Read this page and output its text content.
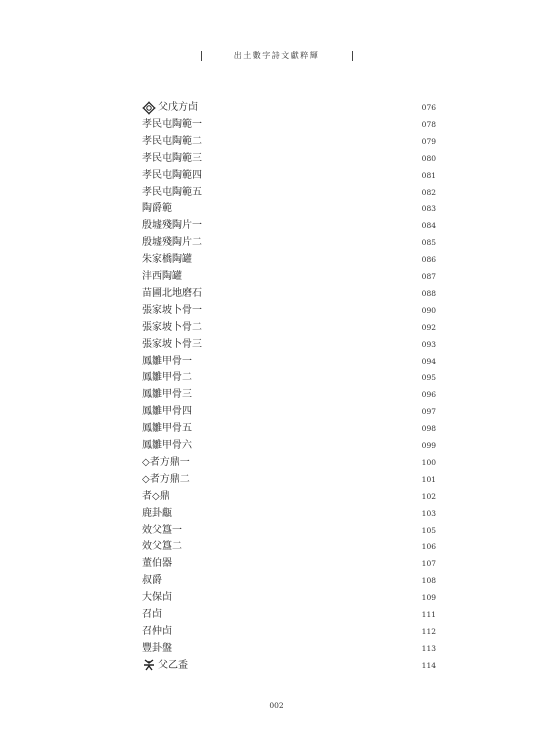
出土數字詩文獻粹輝
父戊方卣	076
孝民屯陶範一	078
孝民屯陶範二	079
孝民屯陶範三	080
孝民屯陶範四	081
孝民屯陶範五	082
陶爵範	083
殷墟殘陶片一	084
殷墟殘陶片二	085
朱家橋陶罐	086
沣西陶罐	087
苗圃北地磨石	088
張家坡卜骨一	090
張家坡卜骨二	092
張家坡卜骨三	093
鳳雛甲骨一	094
鳳雛甲骨二	095
鳳雛甲骨三	096
鳳雛甲骨四	097
鳳雛甲骨五	098
鳳雛甲骨六	099
◇者方鼎一	100
◇者方鼎二	101
者◇鼎	102
鹿卦甗	103
效父簋一	105
效父簋二	106
董伯器	107
叔爵	108
大保卣	109
召卣	111
召仲卣	112
豐卦盤	113
父乙盉	114
002
